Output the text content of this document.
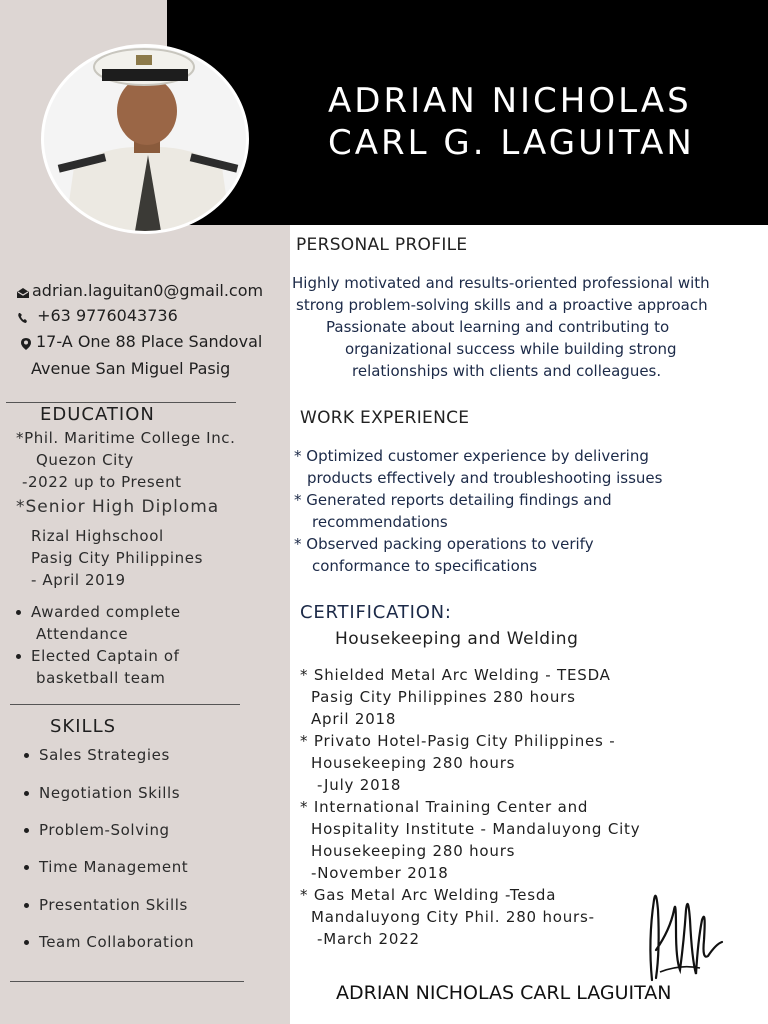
ADRIAN NICHOLAS
CARL G. LAGUITAN
adrian.laguitan0@gmail.com
+63 9776043736
17-A One 88 Place Sandoval
Avenue San Miguel Pasig
EDUCATION
*Phil. Maritime College Inc.
Quezon City
-2022 up to Present
*Senior High Diploma
Rizal Highschool
Pasig City Philippines
- April 2019
Awarded complete
Attendance
Elected Captain of
basketball team
SKILLS
Sales Strategies
Negotiation Skills
Problem-Solving
Time Management
Presentation Skills
Team Collaboration
PERSONAL PROFILE
Highly motivated and results-oriented professional with
strong problem-solving skills and a proactive approach
Passionate about learning and contributing to
organizational success while building strong
relationships with clients and colleagues.
WORK EXPERIENCE
* Optimized customer experience by delivering
products effectively and troubleshooting issues
* Generated reports detailing findings and
recommendations
* Observed packing operations to verify
conformance to specifications
CERTIFICATION:
Housekeeping and Welding
* Shielded Metal Arc Welding - TESDA
Pasig City Philippines 280 hours
April 2018
* Privato Hotel-Pasig City Philippines -
Housekeeping 280 hours
-July 2018
* International Training Center and
Hospitality Institute - Mandaluyong City
Housekeeping 280 hours
-November 2018
* Gas Metal Arc Welding -Tesda
Mandaluyong City Phil. 280 hours-
-March 2022
ADRIAN NICHOLAS CARL LAGUITAN
